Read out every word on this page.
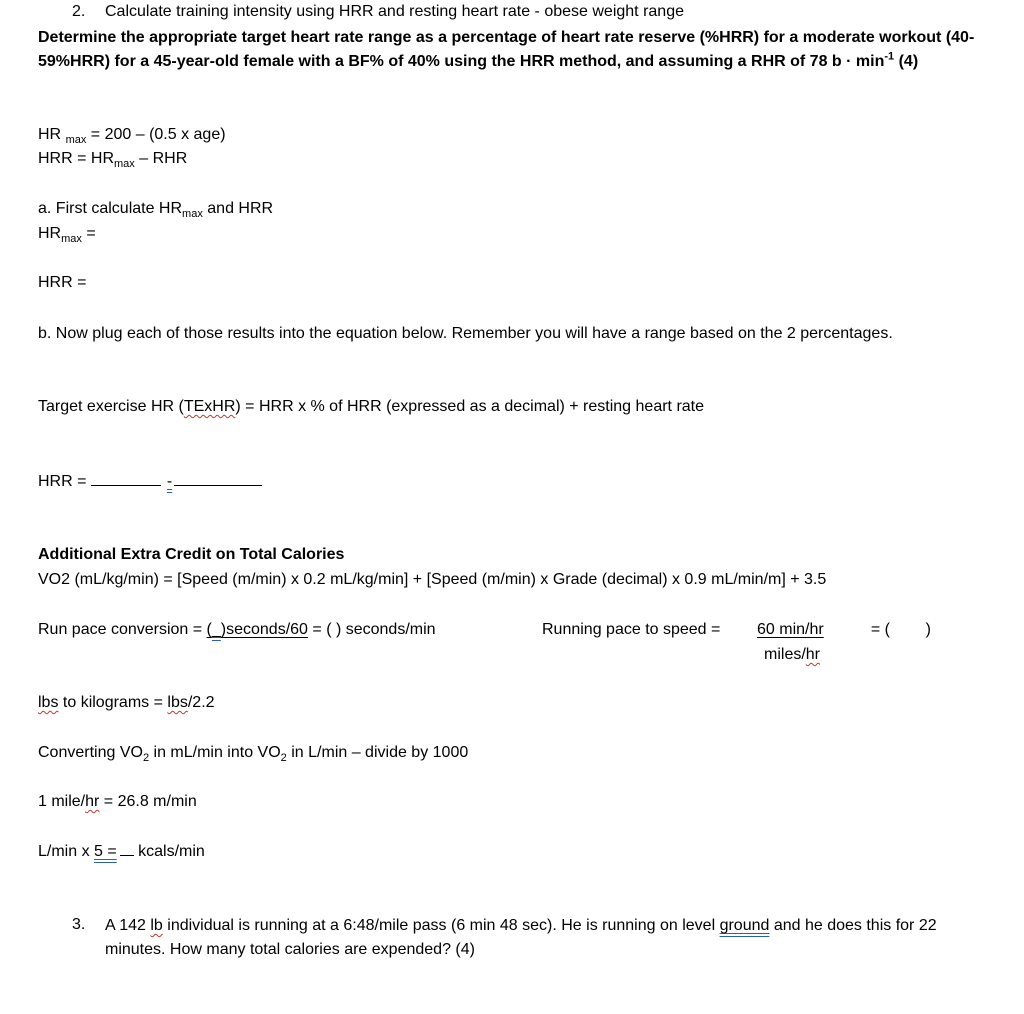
2. Calculate training intensity using HRR and resting heart rate - obese weight range
Determine the appropriate target heart rate range as a percentage of heart rate reserve (%HRR) for a moderate workout (40-59%HRR) for a 45-year-old female with a BF% of 40% using the HRR method, and assuming a RHR of 78 $b \cdot \min^{-1} (4)$
HR $_{max}$ = 200 – (0.5 x age)
HRR = $HR_{max}$ – RHR
a. First calculate $HR_{max}$ and HRR
$HR_{max}$ =
HRR =
b. Now plug each of those results into the equation below. Remember you will have a range based on the 2 percentages.
Target exercise HR (TExHR) = HRR x % of HRR (expressed as a decimal) + resting heart rate
HRR =	-
Additional Extra Credit on Total Calories
VO2 (mL/kg/min) = [Speed (m/min) x 0.2 mL/kg/min] + [Speed (m/min) x Grade (decimal) x 0.9 mL/min/m] + 3.5
Run pace conversion = (_)seconds/60 = ( ) seconds/min	Running pace to speed = 60 min/hr = (        )
miles/hr
lbs to kilograms = lbs/2.2
Converting $VO_2$ in mL/min into $VO_2$ in L/min – divide by 1000
1 mile/hr = 26.8 m/min
L/min x 5 = kcals/min
3. A 142 lb individual is running at a 6:48/mile pass (6 min 48 sec). He is running on level ground and he does this for 22 minutes. How many total calories are expended? (4)
